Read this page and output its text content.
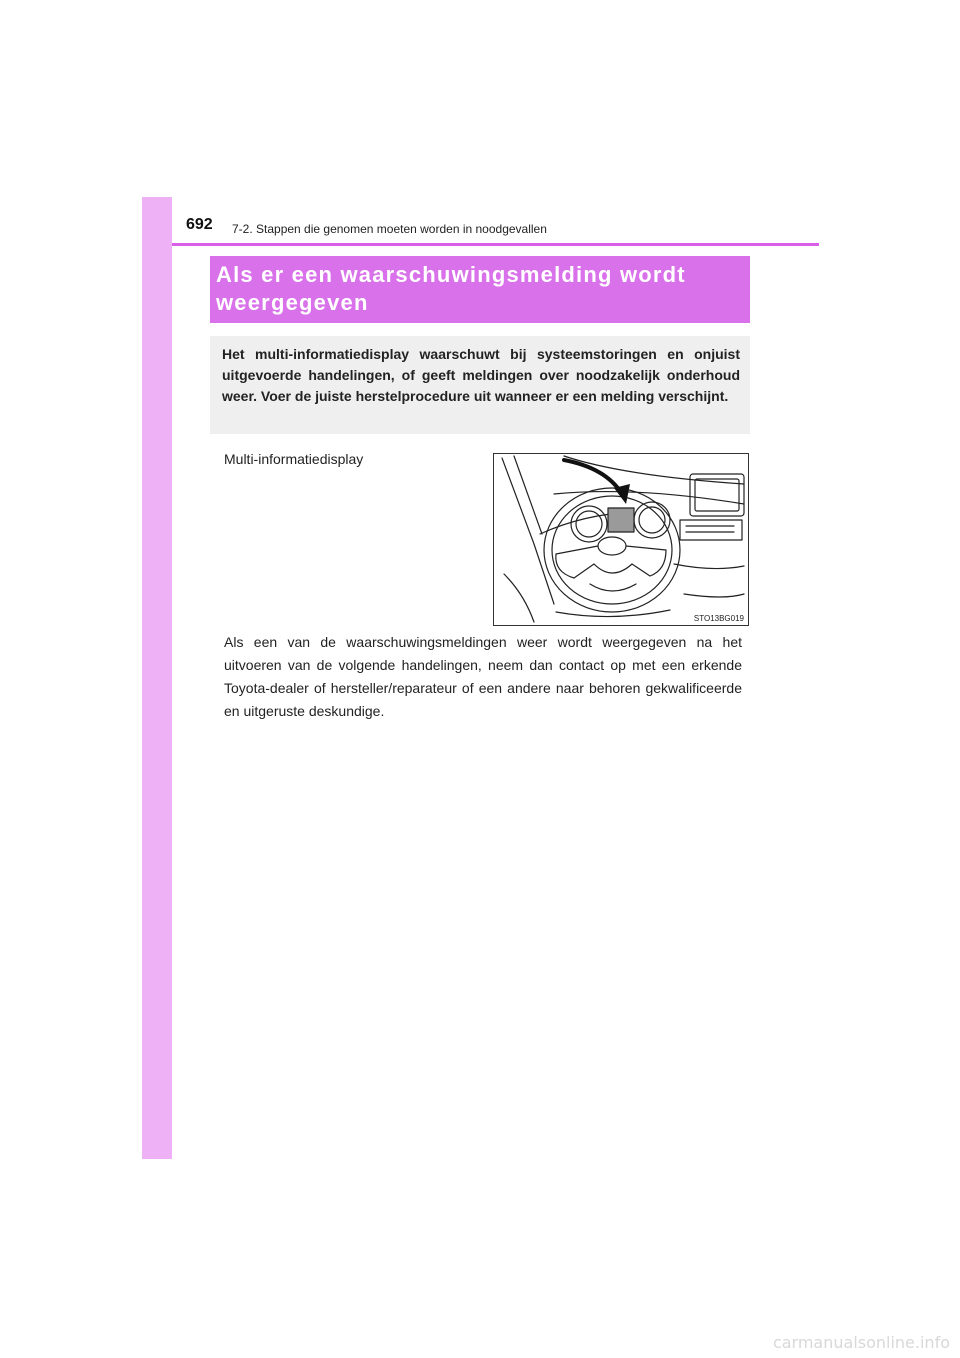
692 7-2. Stappen die genomen moeten worden in noodgevallen
Als er een waarschuwingsmelding wordt weergegeven

Het multi-informatiedisplay waarschuwt bij systeemstoringen en onjuist uitgevoerde handelingen, of geeft meldingen over noodzakelijk onderhoud weer. Voer de juiste herstelprocedure uit wanneer er een melding verschijnt.

Multi-informatiedisplay
STO13BG019

Als een van de waarschuwingsmeldingen weer wordt weergegeven na het uitvoeren van de volgende handelingen, neem dan contact op met een erkende Toyota-dealer of hersteller/reparateur of een andere naar behoren gekwalificeerde en uitgeruste deskundige.

carmanualsonline.info
